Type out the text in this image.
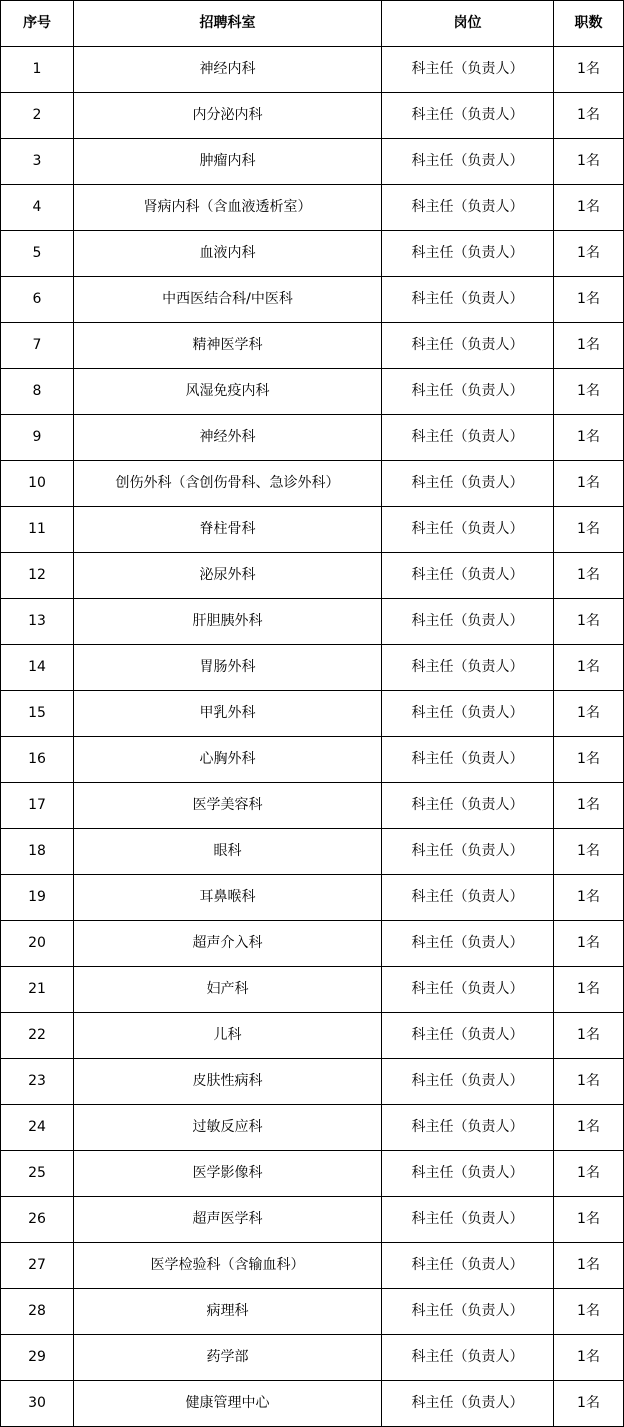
序号	招聘科室	岗位	职数
1	神经内科	科主任（负责人）	1名
2	内分泌内科	科主任（负责人）	1名
3	肿瘤内科	科主任（负责人）	1名
4	肾病内科（含血液透析室）	科主任（负责人）	1名
5	血液内科	科主任（负责人）	1名
6	中西医结合科/中医科	科主任（负责人）	1名
7	精神医学科	科主任（负责人）	1名
8	风湿免疫内科	科主任（负责人）	1名
9	神经外科	科主任（负责人）	1名
10	创伤外科（含创伤骨科、急诊外科）	科主任（负责人）	1名
11	脊柱骨科	科主任（负责人）	1名
12	泌尿外科	科主任（负责人）	1名
13	肝胆胰外科	科主任（负责人）	1名
14	胃肠外科	科主任（负责人）	1名
15	甲乳外科	科主任（负责人）	1名
16	心胸外科	科主任（负责人）	1名
17	医学美容科	科主任（负责人）	1名
18	眼科	科主任（负责人）	1名
19	耳鼻喉科	科主任（负责人）	1名
20	超声介入科	科主任（负责人）	1名
21	妇产科	科主任（负责人）	1名
22	儿科	科主任（负责人）	1名
23	皮肤性病科	科主任（负责人）	1名
24	过敏反应科	科主任（负责人）	1名
25	医学影像科	科主任（负责人）	1名
26	超声医学科	科主任（负责人）	1名
27	医学检验科（含输血科）	科主任（负责人）	1名
28	病理科	科主任（负责人）	1名
29	药学部	科主任（负责人）	1名
30	健康管理中心	科主任（负责人）	1名
